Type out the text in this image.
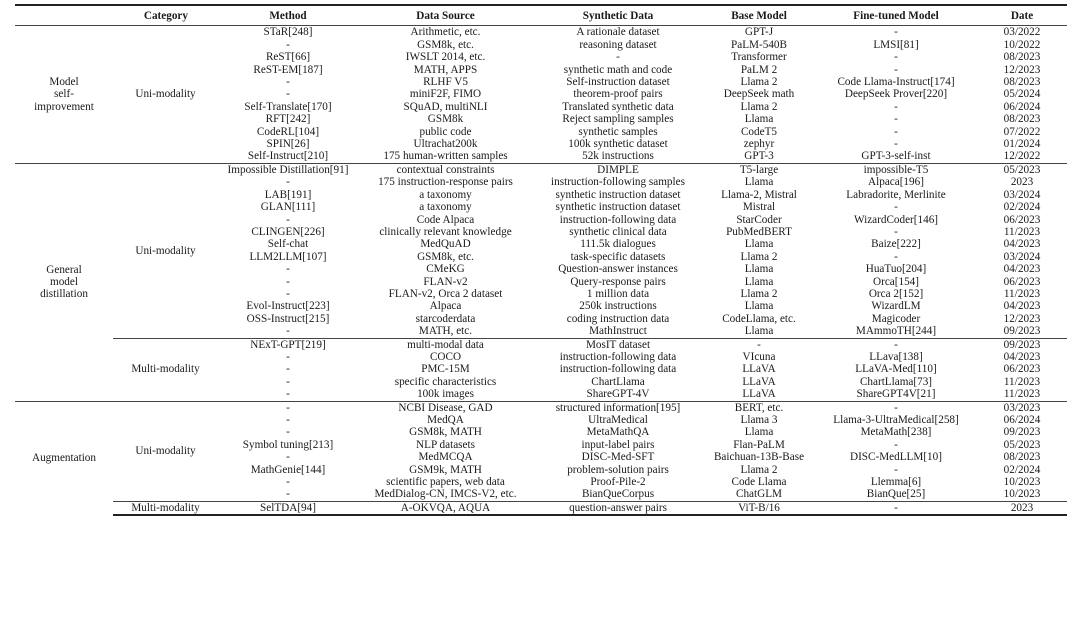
Category		Method	Data Source	Synthetic Data	Base Model	Fine-tuned Model	Date

Model
self-
improvement	Uni-modality	STaR[248]	Arithmetic, etc.	A rationale dataset	GPT-J	-	03/2022
		-	GSM8k, etc.	reasoning dataset	PaLM-540B	LMSI[81]	10/2022
		ReST[66]	IWSLT 2014, etc.	-	Transformer	-	08/2023
		ReST-EM[187]	MATH, APPS	synthetic math and code	PaLM 2	-	12/2023
		-	RLHF V5	Self-instruction dataset	Llama 2	Code Llama-Instruct[174]	08/2023
		-	miniF2F, FIMO	theorem-proof pairs	DeepSeek math	DeepSeek Prover[220]	05/2024
		Self-Translate[170]	SQuAD, multiNLI	Translated synthetic data	Llama 2	-	06/2024
		RFT[242]	GSM8k	Reject sampling samples	Llama	-	08/2023
		CodeRL[104]	public code	synthetic samples	CodeT5	-	07/2022
		SPIN[26]	Ultrachat200k	100k synthetic dataset	zephyr	-	01/2024
		Self-Instruct[210]	175 human-written samples	52k instructions	GPT-3	GPT-3-self-inst	12/2022

General
model
distillation	Uni-modality	Impossible Distillation[91]	contextual constraints	DIMPLE	T5-large	impossible-T5	05/2023
		-	175 instruction-response pairs	instruction-following samples	Llama	Alpaca[196]	2023
		LAB[191]	a taxonomy	synthetic instruction dataset	Llama-2, Mistral	Labradorite, Merlinite	03/2024
		GLAN[111]	a taxonomy	synthetic instruction dataset	Mistral	-	02/2024
		-	Code Alpaca	instruction-following data	StarCoder	WizardCoder[146]	06/2023
		CLINGEN[226]	clinically relevant knowledge	synthetic clinical data	PubMedBERT	-	11/2023
		Self-chat	MedQuAD	111.5k dialogues	Llama	Baize[222]	04/2023
		LLM2LLM[107]	GSM8k, etc.	task-specific datasets	Llama 2	-	03/2024
		-	CMeKG	Question-answer instances	Llama	HuaTuo[204]	04/2023
		-	FLAN-v2	Query-response pairs	Llama	Orca[154]	06/2023
		-	FLAN-v2, Orca 2 dataset	1 million data	Llama 2	Orca 2[152]	11/2023
		Evol-Instruct[223]	Alpaca	250k instructions	Llama	WizardLM	04/2023
		OSS-Instruct[215]	starcoderdata	coding instruction data	CodeLlama, etc.	Magicoder	12/2023
		-	MATH, etc.	MathInstruct	Llama	MAmmoTH[244]	09/2023
	Multi-modality	NExT-GPT[219]	multi-modal data	MosIT dataset	-	-	09/2023
		-	COCO	instruction-following data	VIcuna	LLava[138]	04/2023
		-	PMC-15M	instruction-following data	LLaVA	LLaVA-Med[110]	06/2023
		-	specific characteristics	ChartLlama	LLaVA	ChartLlama[73]	11/2023
		-	100k images	ShareGPT-4V	LLaVA	ShareGPT4V[21]	11/2023

Augmentation	Uni-modality	-	NCBI Disease, GAD	structured information[195]	BERT, etc.	-	03/2023
		-	MedQA	UltraMedical	Llama 3	Llama-3-UltraMedical[258]	06/2024
		-	GSM8k, MATH	MetaMathQA	Llama	MetaMath[238]	09/2023
		Symbol tuning[213]	NLP datasets	input-label pairs	Flan-PaLM	-	05/2023
		-	MedMCQA	DISC-Med-SFT	Baichuan-13B-Base	DISC-MedLLM[10]	08/2023
		MathGenie[144]	GSM9k, MATH	problem-solution pairs	Llama 2	-	02/2024
		-	scientific papers, web data	Proof-Pile-2	Code Llama	Llemma[6]	10/2023
		-	MedDialog-CN, IMCS-V2, etc.	BianQueCorpus	ChatGLM	BianQue[25]	10/2023
	Multi-modality	SelTDA[94]	A-OKVQA, AQUA	question-answer pairs	ViT-B/16	-	2023
